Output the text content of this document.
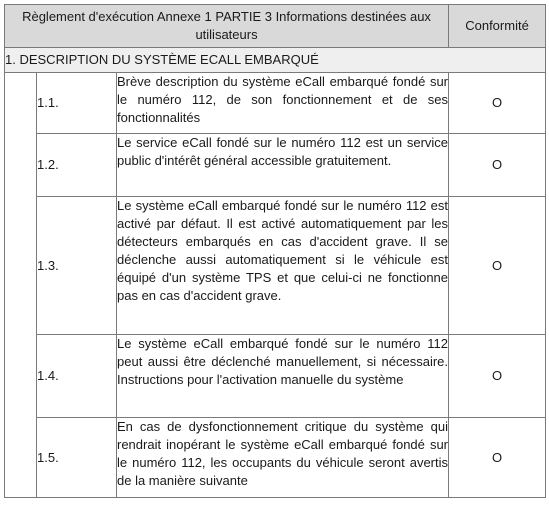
Règlement d'exécution Annexe 1 PARTIE 3 Informations destinées aux utilisateurs			Conformité
1. DESCRIPTION DU SYSTÈME ECALL EMBARQUÉ			
	1.1.	Brève description du système eCall embarqué fondé sur le numéro 112, de son fonctionnement et de ses fonctionnalités	O
	1.2.	Le service eCall fondé sur le numéro 112 est un service public d'intérêt général accessible gratuitement.	O
	1.3.	Le système eCall embarqué fondé sur le numéro 112 est activé par défaut. Il est activé automatiquement par les détecteurs embarqués en cas d'accident grave. Il se déclenche aussi automatiquement si le véhicule est équipé d'un système TPS et que celui-ci ne fonctionne pas en cas d'accident grave.	O
	1.4.	Le système eCall embarqué fondé sur le numéro 112 peut aussi être déclenché manuellement, si nécessaire. Instructions pour l'activation manuelle du système	O
	1.5.	En cas de dysfonctionnement critique du système qui rendrait inopérant le système eCall embarqué fondé sur le numéro 112, les occupants du véhicule seront avertis de la manière suivante	O
